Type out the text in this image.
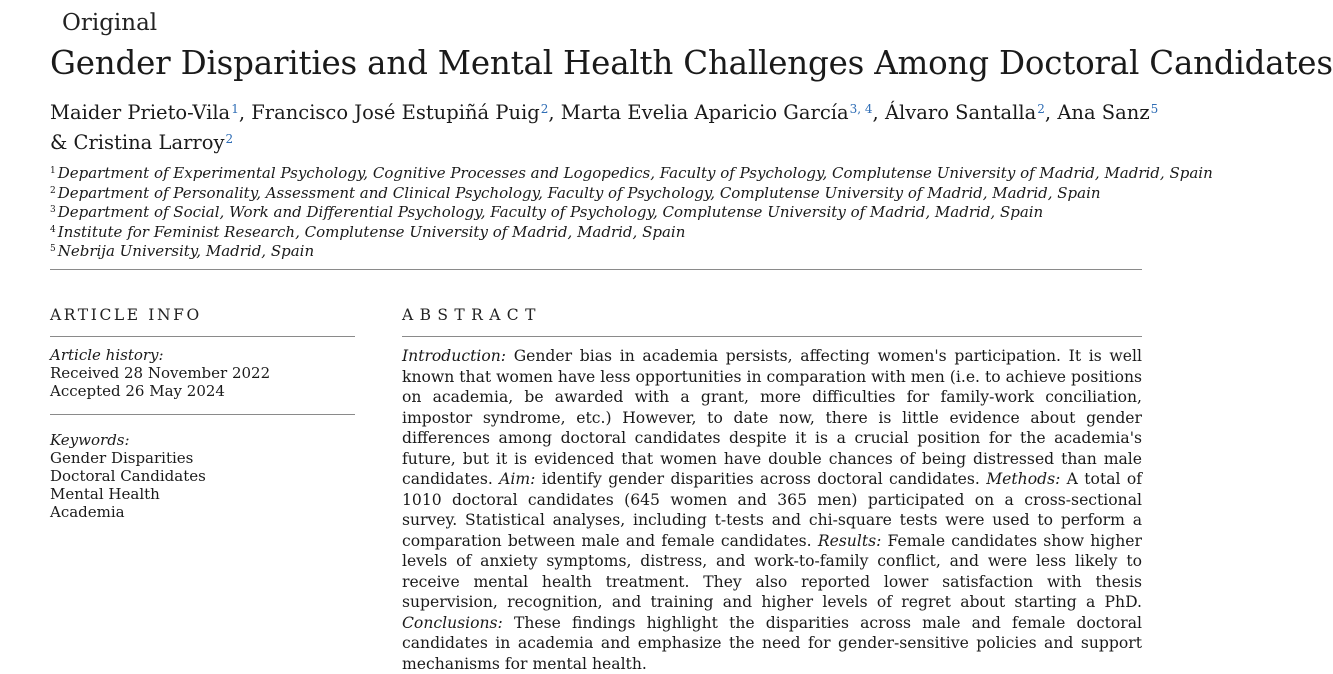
Original
Gender Disparities and Mental Health Challenges Among Doctoral Candidates
Maider Prieto-Vila$^1$, Francisco José Estupiñá Puig$^2$, Marta Evelia Aparicio García$^{3, 4}$, Álvaro Santalla$^2$, Ana Sanz$^5$
& Cristina Larroy$^2$
$^1$ Department of Experimental Psychology, Cognitive Processes and Logopedics, Faculty of Psychology, Complutense University of Madrid, Madrid, Spain
$^2$ Department of Personality, Assessment and Clinical Psychology, Faculty of Psychology, Complutense University of Madrid, Madrid, Spain
$^3$ Department of Social, Work and Differential Psychology, Faculty of Psychology, Complutense University of Madrid, Madrid, Spain
$^4$ Institute for Feminist Research, Complutense University of Madrid, Madrid, Spain
$^5$ Nebrija University, Madrid, Spain
ARTICLE INFO
Article history:
Received 28 November 2022
Accepted 26 May 2024
Keywords:
Gender Disparities
Doctoral Candidates
Mental Health
Academia
ABSTRACT

Introduction: Gender bias in academia persists, affecting women's participation. It is well known that women have less opportunities in comparation with men (i.e. to achieve positions on academia, be awarded with a grant, more difficulties for family-work conciliation, impostor syndrome, etc.) However, to date now, there is little evidence about gender differences among doctoral candidates despite it is a crucial position for the academia's future, but it is evidenced that women have double chances of being distressed than male candidates. Aim: identify gender disparities across doctoral candidates. Methods: A total of 1010 doctoral candidates (645 women and 365 men) participated on a cross-sectional survey. Statistical analyses, including t-tests and chi-square tests were used to perform a comparation between male and female candidates. Results: Female candidates show higher levels of anxiety symptoms, distress, and work-to-family conflict, and were less likely to receive mental health treatment. They also reported lower satisfaction with thesis supervision, recognition, and training and higher levels of regret about starting a PhD. Conclusions: These findings highlight the disparities across male and female doctoral candidates in academia and emphasize the need for gender-sensitive policies and support mechanisms for mental health.
